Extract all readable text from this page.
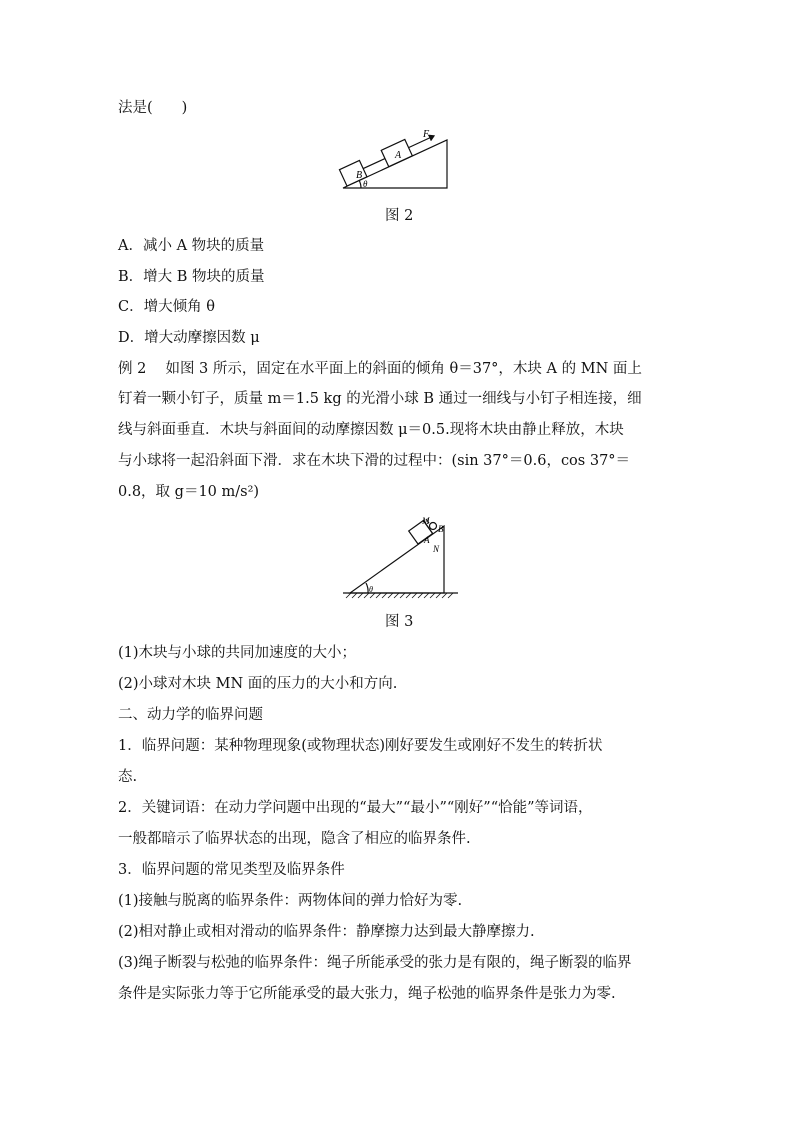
法是(　　)
B
A
F
θ
图 2
A．减小 A 物块的质量
B．增大 B 物块的质量
C．增大倾角 θ
D．增大动摩擦因数 μ
例 2　 如图 3 所示，固定在水平面上的斜面的倾角 θ＝37°，木块 A 的 MN 面上
钉着一颗小钉子，质量 m＝1.5 kg 的光滑小球 B 通过一细线与小钉子相连接，细
线与斜面垂直．木块与斜面间的动摩擦因数 μ＝0.5.现将木块由静止释放，木块
与小球将一起沿斜面下滑．求在木块下滑的过程中：(sin 37°＝0.6，cos 37°＝
0.8，取 g＝10 m/s²)
M
B
A
N
θ
图 3
(1)木块与小球的共同加速度的大小；
(2)小球对木块 MN 面的压力的大小和方向.
二、动力学的临界问题
1．临界问题：某种物理现象(或物理状态)刚好要发生或刚好不发生的转折状
态.
2．关键词语：在动力学问题中出现的“最大”“最小”“刚好”“恰能”等词语，
一般都暗示了临界状态的出现，隐含了相应的临界条件.
3．临界问题的常见类型及临界条件
(1)接触与脱离的临界条件：两物体间的弹力恰好为零.
(2)相对静止或相对滑动的临界条件：静摩擦力达到最大静摩擦力.
(3)绳子断裂与松弛的临界条件：绳子所能承受的张力是有限的，绳子断裂的临界
条件是实际张力等于它所能承受的最大张力，绳子松弛的临界条件是张力为零.
